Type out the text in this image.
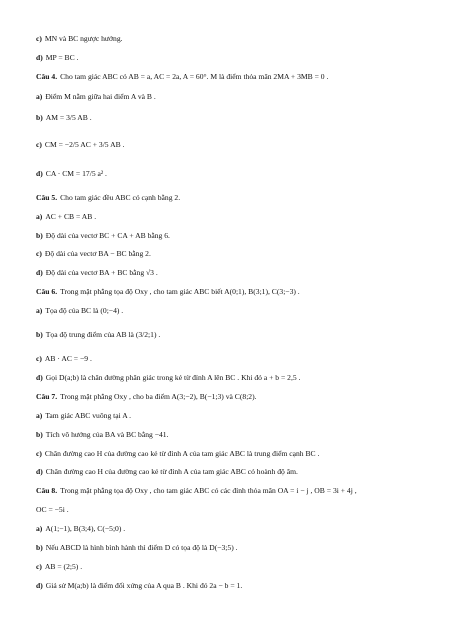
c) MN và BC ngược hướng.
d) MP = BC .
Câu 4. Cho tam giác ABC có AB = a, AC = 2a, A = 60°. M là điểm thỏa mãn 2MA + 3MB = 0 .
a) Điểm M nằm giữa hai điểm A và B .
b) AM = 3/5 AB .
c) CM = −2/5 AC + 3/5 AB .
d) CA · CM = 17/5 a² .
Câu 5. Cho tam giác đều ABC có cạnh bằng 2.
a) AC + CB = AB .
b) Độ dài của vectơ BC + CA + AB bằng 6.
c) Độ dài của vectơ BA − BC bằng 2.
d) Độ dài của vectơ BA + BC bằng √3 .
Câu 6. Trong mặt phẳng tọa độ Oxy , cho tam giác ABC biết A(0;1), B(3;1), C(3;−3) .
a) Tọa độ của BC là (0;−4) .
b) Tọa độ trung điểm của AB là (3/2;1) .
c) AB · AC = −9 .
d) Gọi D(a;b) là chân đường phân giác trong kẻ từ đỉnh A lên BC . Khi đó a + b = 2,5 .
Câu 7. Trong mặt phẳng Oxy , cho ba điểm A(3;−2), B(−1;3) và C(8;2).
a) Tam giác ABC vuông tại A .
b) Tích vô hướng của BA và BC bằng −41.
c) Chân đường cao H của đường cao kẻ từ đỉnh A của tam giác ABC là trung điểm cạnh BC .
d) Chân đường cao H của đường cao kẻ từ đỉnh A của tam giác ABC có hoành độ âm.
Câu 8. Trong mặt phẳng tọa độ Oxy , cho tam giác ABC có các đỉnh thỏa mãn OA = i − j , OB = 3i + 4j ,
OC = −5i .
a) A(1;−1), B(3;4), C(−5;0) .
b) Nếu ABCD là hình bình hành thì điểm D có tọa độ là D(−3;5) .
c) AB = (2;5) .
d) Giả sử M(a;b) là điểm đối xứng của A qua B . Khi đó 2a − b = 1.
